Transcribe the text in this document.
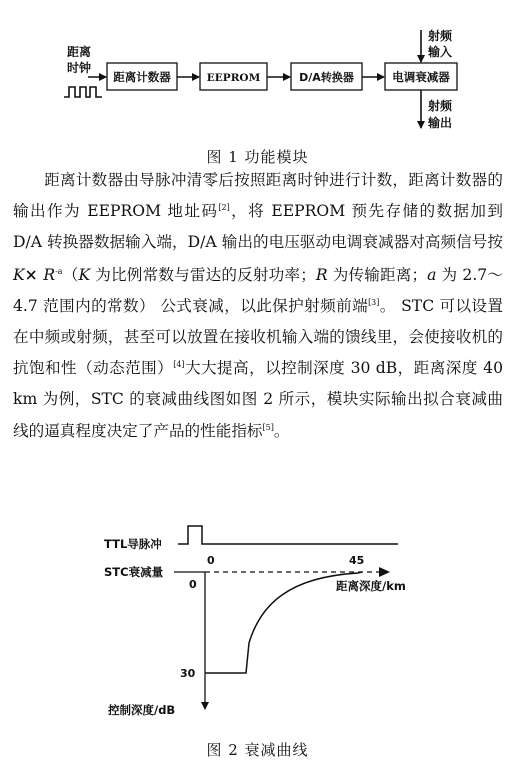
距离
时钟
距离计数器	EEPROM	D/A转换器	电调衰减器
射频
输入
射频
输出
图 1 功能模块

距离计数器由导脉冲清零后按照距离时钟进行计数，距离计数器的输出作为 EEPROM 地址码[2]，将 EEPROM 预先存储的数据加到 D/A 转换器数据输入端，D/A 输出的电压驱动电调衰减器对高频信号按 $K\times R^{-a}(K$ 为比例常数与雷达的反射功率；R 为传输距离；a 为 2.7～4.7 范围内的常数） 公式衰减，以此保护射频前端[3]。 STC 可以设置在中频或射频，甚至可以放置在接收机输入端的馈线里，会使接收机的抗饱和性（动态范围）[4]大大提高，以控制深度 30 dB，距离深度 40 km 为例，STC 的衰减曲线图如图 2 所示，模块实际输出拟合衰减曲线的逼真程度决定了产品的性能指标[5]。

TTL导脉冲
STC衰减量
0	45
距离深度/km
0
30
控制深度/dB
图 2 衰减曲线
